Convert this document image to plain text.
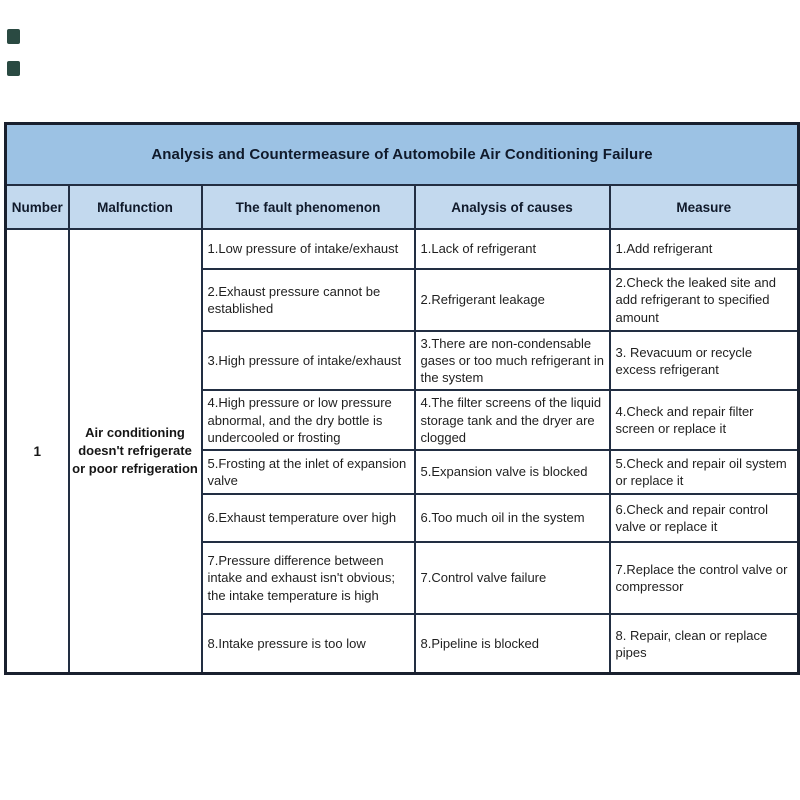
Analysis and Countermeasure of Automobile Air Conditioning Failure				
Number	Malfunction	The fault phenomenon	Analysis of causes	Measure
1	Air conditioning doesn't refrigerate or poor refrigeration	1.Low pressure of intake/exhaust	1.Lack of refrigerant	1.Add refrigerant
		2.Exhaust pressure cannot be established	2.Refrigerant leakage	2.Check the leaked site and add refrigerant to specified amount
		3.High pressure of intake/exhaust	3.There are non-condensable gases or too much refrigerant in the system	3. Revacuum or recycle excess refrigerant
		4.High pressure or low pressure abnormal, and the dry bottle is undercooled or frosting	4.The filter screens of the liquid storage tank and the dryer are clogged	4.Check and repair filter screen or replace it
		5.Frosting at the inlet of expansion valve	5.Expansion valve is blocked	5.Check and repair oil system or replace it
		6.Exhaust temperature over high	6.Too much oil in the system	6.Check and repair control valve or replace it
		7.Pressure difference between intake and exhaust isn't obvious; the intake temperature is high	7.Control valve failure	7.Replace the control valve or compressor
		8.Intake pressure is too low	8.Pipeline is blocked	8. Repair, clean or replace pipes
